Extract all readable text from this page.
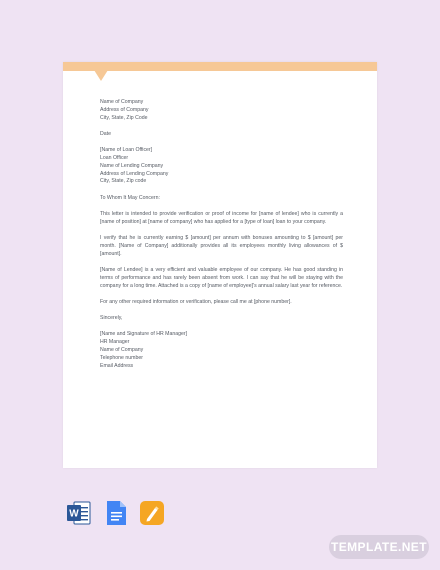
Name of Company

Address of Company

City, State, Zip Code

Date

[Name of Loan Officer]

Loan Officer

Name of Lending Company

Address of Lending Company

City, State, Zip code

To Whom It May Concern:

This letter is intended to provide verification or proof of income for [name of lendee] who is currently a [name of position] at [name of company] who has applied for a [type of loan] loan to your company.

I verify that he is currently earning $ [amount] per annum with bonuses amounting to $ [amount] per month. [Name of Company] additionally provides all its employees monthly living allowances of $ [amount].

[Name of Lendee] is a very efficient and valuable employee of our company. He has good standing in terms of performance and has rarely been absent from work. I can say that he will be staying with the company for a long time. Attached is a copy of [name of employee]'s annual salary last year for reference.

For any other required information or verification, please call me at [phone number].

Sincerely,

[Name and Signature of HR Manager]

HR Manager

Name of Company

Telephone number

Email Address

W
TEMPLATE.NET
